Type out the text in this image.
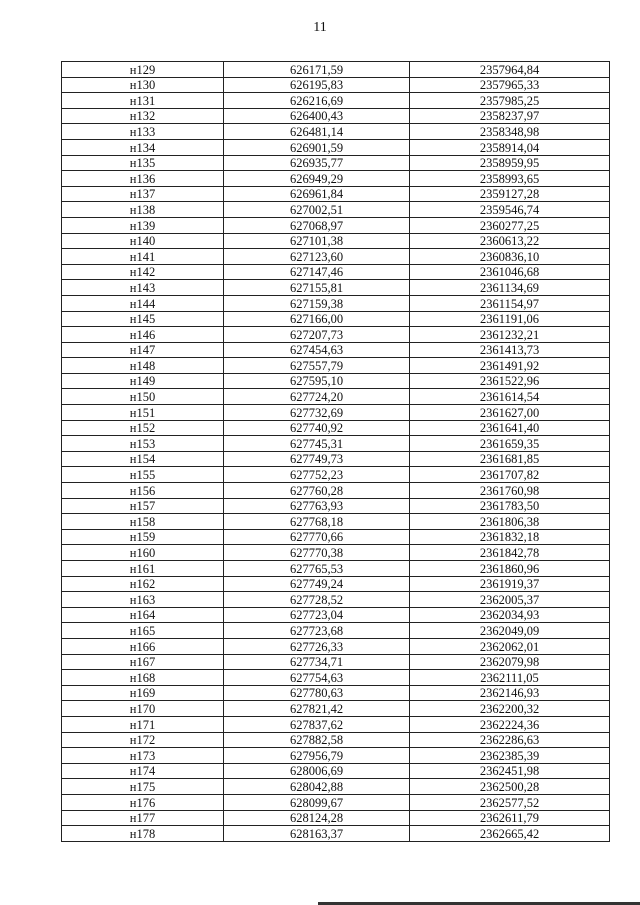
11
н129	626171,59	2357964,84
н130	626195,83	2357965,33
н131	626216,69	2357985,25
н132	626400,43	2358237,97
н133	626481,14	2358348,98
н134	626901,59	2358914,04
н135	626935,77	2358959,95
н136	626949,29	2358993,65
н137	626961,84	2359127,28
н138	627002,51	2359546,74
н139	627068,97	2360277,25
н140	627101,38	2360613,22
н141	627123,60	2360836,10
н142	627147,46	2361046,68
н143	627155,81	2361134,69
н144	627159,38	2361154,97
н145	627166,00	2361191,06
н146	627207,73	2361232,21
н147	627454,63	2361413,73
н148	627557,79	2361491,92
н149	627595,10	2361522,96
н150	627724,20	2361614,54
н151	627732,69	2361627,00
н152	627740,92	2361641,40
н153	627745,31	2361659,35
н154	627749,73	2361681,85
н155	627752,23	2361707,82
н156	627760,28	2361760,98
н157	627763,93	2361783,50
н158	627768,18	2361806,38
н159	627770,66	2361832,18
н160	627770,38	2361842,78
н161	627765,53	2361860,96
н162	627749,24	2361919,37
н163	627728,52	2362005,37
н164	627723,04	2362034,93
н165	627723,68	2362049,09
н166	627726,33	2362062,01
н167	627734,71	2362079,98
н168	627754,63	2362111,05
н169	627780,63	2362146,93
н170	627821,42	2362200,32
н171	627837,62	2362224,36
н172	627882,58	2362286,63
н173	627956,79	2362385,39
н174	628006,69	2362451,98
н175	628042,88	2362500,28
н176	628099,67	2362577,52
н177	628124,28	2362611,79
н178	628163,37	2362665,42
